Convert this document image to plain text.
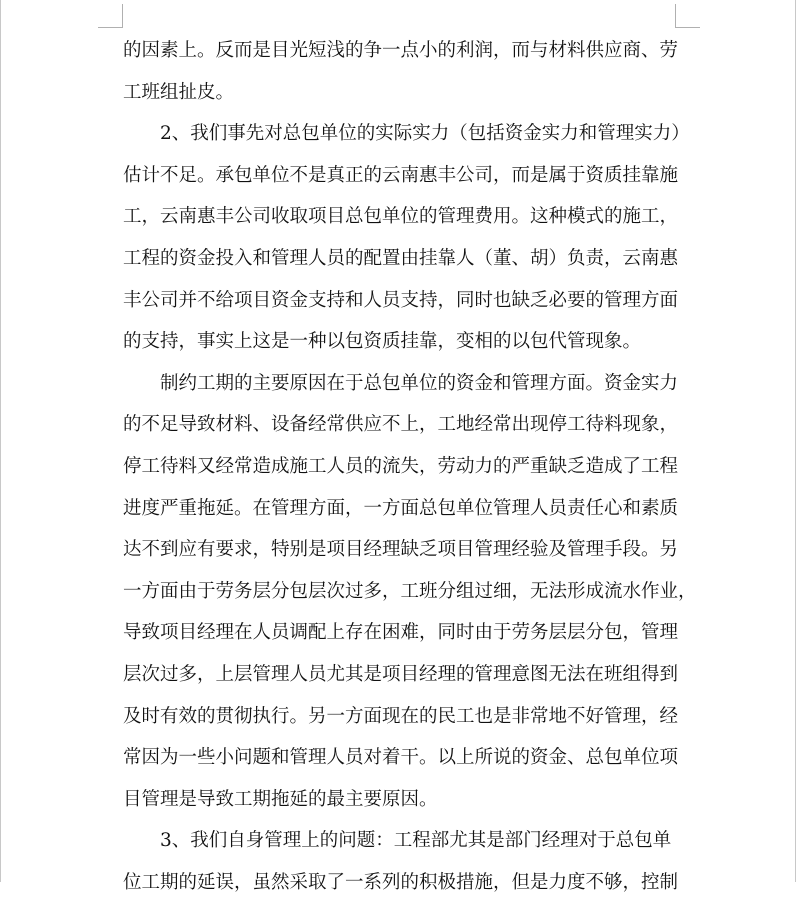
的因素上。反而是目光短浅的争一点小的利润，而与材料供应商、劳
工班组扯皮。

2、我们事先对总包单位的实际实力（包括资金实力和管理实力）
估计不足。承包单位不是真正的云南惠丰公司，而是属于资质挂靠施
工，云南惠丰公司收取项目总包单位的管理费用。这种模式的施工，
工程的资金投入和管理人员的配置由挂靠人（董、胡）负责，云南惠
丰公司并不给项目资金支持和人员支持，同时也缺乏必要的管理方面
的支持，事实上这是一种以包资质挂靠，变相的以包代管现象。

制约工期的主要原因在于总包单位的资金和管理方面。资金实力
的不足导致材料、设备经常供应不上，工地经常出现停工待料现象，
停工待料又经常造成施工人员的流失，劳动力的严重缺乏造成了工程
进度严重拖延。在管理方面，一方面总包单位管理人员责任心和素质
达不到应有要求，特别是项目经理缺乏项目管理经验及管理手段。另
一方面由于劳务层分包层次过多，工班分组过细，无法形成流水作业，
导致项目经理在人员调配上存在困难，同时由于劳务层层分包，管理
层次过多，上层管理人员尤其是项目经理的管理意图无法在班组得到
及时有效的贯彻执行。另一方面现在的民工也是非常地不好管理，经
常因为一些小问题和管理人员对着干。以上所说的资金、总包单位项
目管理是导致工期拖延的最主要原因。

3、我们自身管理上的问题：工程部尤其是部门经理对于总包单
位工期的延误，虽然采取了一系列的积极措施，但是力度不够，控制
